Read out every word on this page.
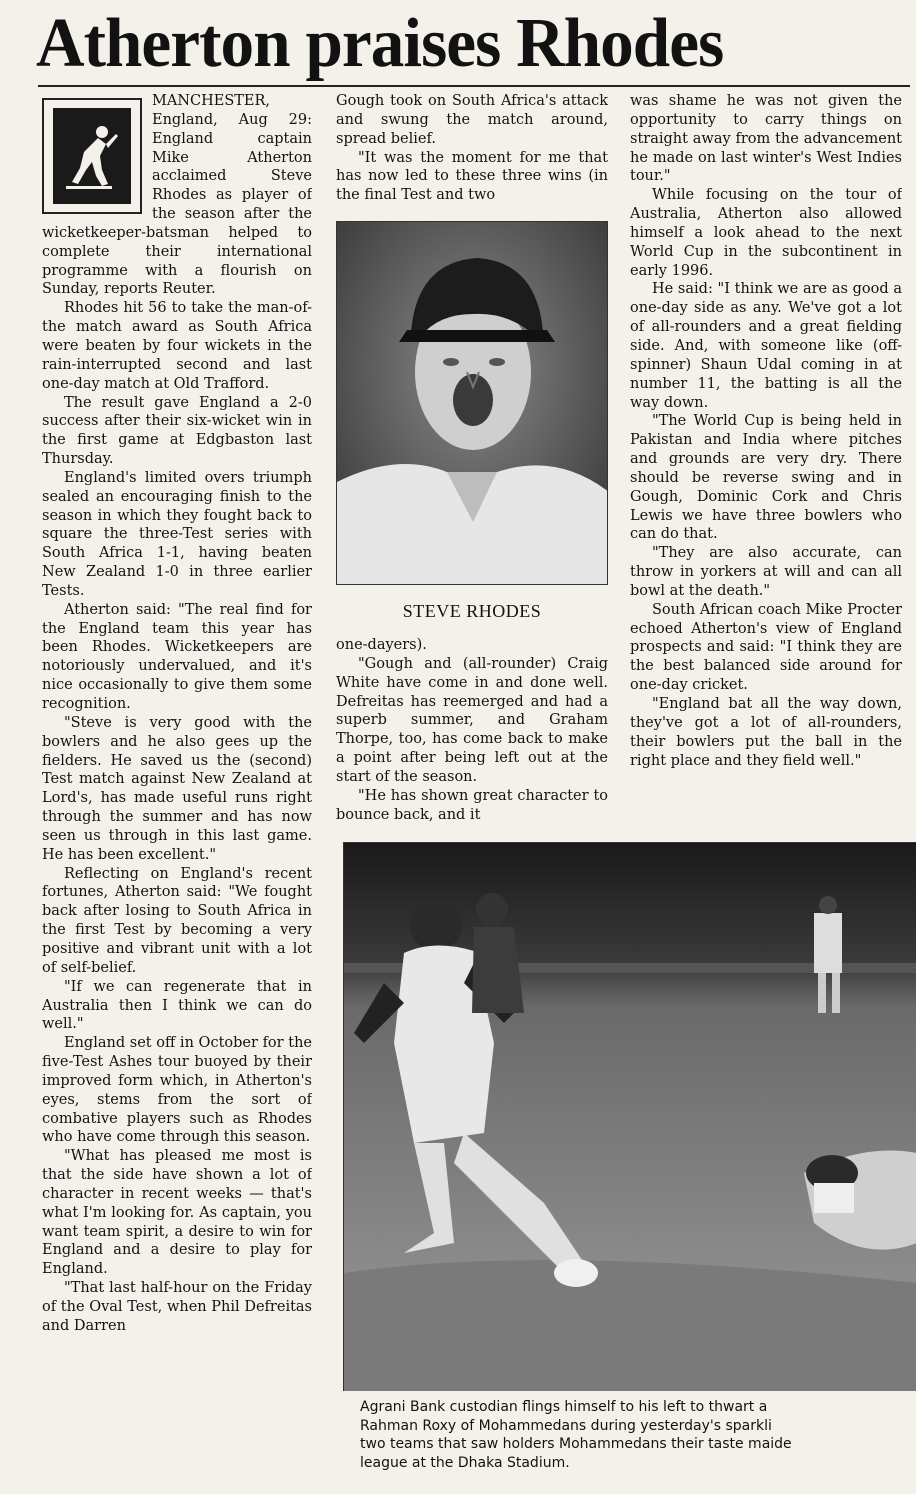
Atherton praises Rhodes

MANCHESTER, England, Aug 29: England captain Mike Atherton acclaimed Steve Rhodes as player of the season after the wicketkeeper-batsman helped to complete their international programme with a flourish on Sunday, reports Reuter.

Rhodes hit 56 to take the man-of-the match award as South Africa were beaten by four wickets in the rain-interrupted second and last one-day match at Old Trafford.

The result gave England a 2-0 success after their six-wicket win in the first game at Edgbaston last Thursday.

England's limited overs triumph sealed an encouraging finish to the season in which they fought back to square the three-Test series with South Africa 1-1, having beaten New Zealand 1-0 in three earlier Tests.

Atherton said: "The real find for the England team this year has been Rhodes. Wicketkeepers are notoriously undervalued, and it's nice occasionally to give them some recognition.

"Steve is very good with the bowlers and he also gees up the fielders. He saved us the (second) Test match against New Zealand at Lord's, has made useful runs right through the summer and has now seen us through in this last game. He has been excellent."

Reflecting on England's recent fortunes, Atherton said: "We fought back after losing to South Africa in the first Test by becoming a very positive and vibrant unit with a lot of self-belief.

"If we can regenerate that in Australia then I think we can do well."

England set off in October for the five-Test Ashes tour buoyed by their improved form which, in Atherton's eyes, stems from the sort of combative players such as Rhodes who have come through this season.

"What has pleased me most is that the side have shown a lot of character in recent weeks — that's what I'm looking for. As captain, you want team spirit, a desire to win for England and a desire to play for England.

"That last half-hour on the Friday of the Oval Test, when Phil Defreitas and Darren

Gough took on South Africa's attack and swung the match around, spread belief.

"It was the moment for me that has now led to these three wins (in the final Test and two

STEVE RHODES

one-dayers).

"Gough and (all-rounder) Craig White have come in and done well. Defreitas has reemerged and had a superb summer, and Graham Thorpe, too, has come back to make a point after being left out at the start of the season.

"He has shown great character to bounce back, and it

was shame he was not given the opportunity to carry things on straight away from the advancement he made on last winter's West Indies tour."

While focusing on the tour of Australia, Atherton also allowed himself a look ahead to the next World Cup in the subcontinent in early 1996.

He said: "I think we are as good a one-day side as any. We've got a lot of all-rounders and a great fielding side. And, with someone like (off-spinner) Shaun Udal coming in at number 11, the batting is all the way down.

"The World Cup is being held in Pakistan and India where pitches and grounds are very dry. There should be reverse swing and in Gough, Dominic Cork and Chris Lewis we have three bowlers who can do that.

"They are also accurate, can throw in yorkers at will and can all bowl at the death."

South African coach Mike Procter echoed Atherton's view of England prospects and said: "I think they are the best balanced side around for one-day cricket.

"England bat all the way down, they've got a lot of all-rounders, their bowlers put the ball in the right place and they field well."

Agrani Bank custodian flings himself to his left to thwart a
Rahman Roxy of Mohammedans during yesterday's sparkli
two teams that saw holders Mohammedans their taste maide
league at the Dhaka Stadium.
